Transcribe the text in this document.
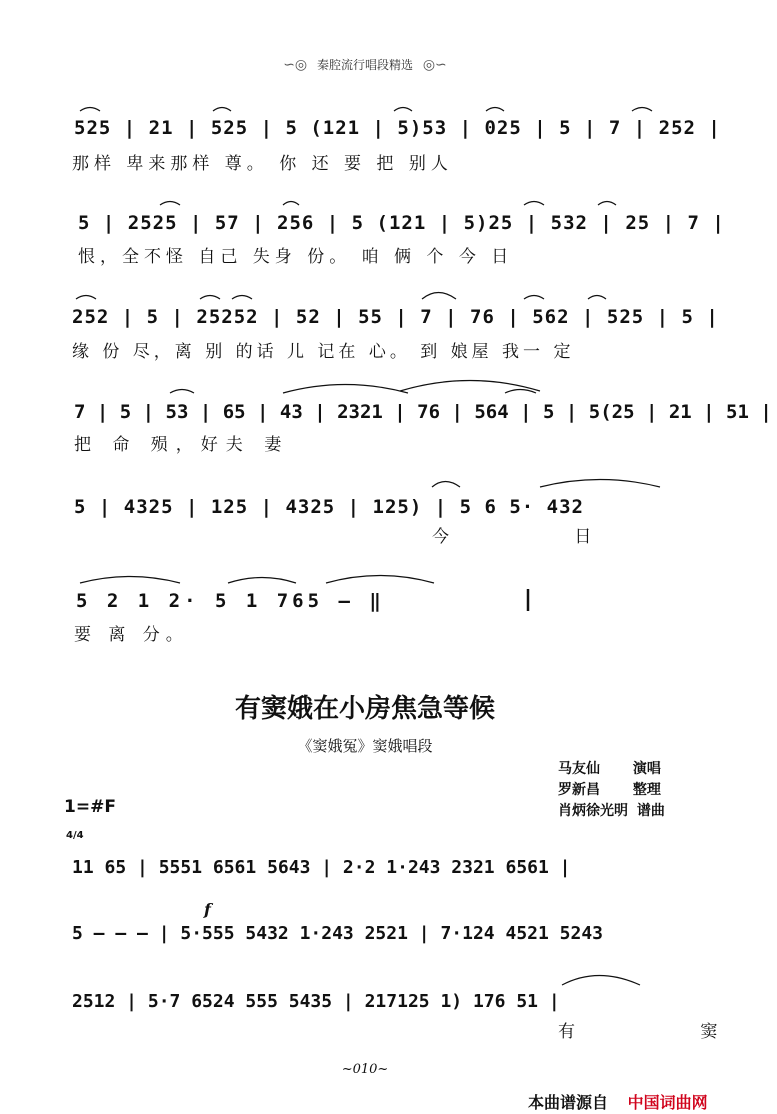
∽◎ 秦腔流行唱段精选 ◎∽
525 | 21 | 525 | 5 (121 | 5)53 | 025 | 5 | 7 | 252 |
那样 卑来那样 尊。 你 还 要 把 别人
5 | 2525 | 57 | 256 | 5 (121 | 5)25 | 532 | 25 | 7 |
恨，全不怪 自己 失身 份。 咱 俩 个 今 日
252 | 5 | 25252 | 52 | 55 | 7 | 76 | 562 | 525 | 5 |
缘 份 尽，离 别 的话 儿 记在 心。 到 娘屋 我一 定
7 | 5 | 53 | 65 | 43 | 2321 | 76 | 564 | 5 | 5(25 | 21 | 51 |
把 命 殒，好夫 妻
5 | 4325 | 125 | 4325 | 125) | 5 6 5· 432
今 日
5 2 1 2· 5 1 765 — ‖
要 离 分。
有窦娥在小房焦急等候
《窦娥冤》窦娥唱段
马友仙 演唱
罗新昌 整理
肖炳徐光明 谱曲
1=#F
4/4
11 65 | 5551 6561 5643 | 2·2 1·243 2321 6561 |
f
5 — — — | 5·555 5432 1·243 2521 | 7·124 4521 5243
2512 | 5·7 6524 555 5435 | 217125 1) 176 51 |
有 窦
~010~
本曲谱源自 中国词曲网
